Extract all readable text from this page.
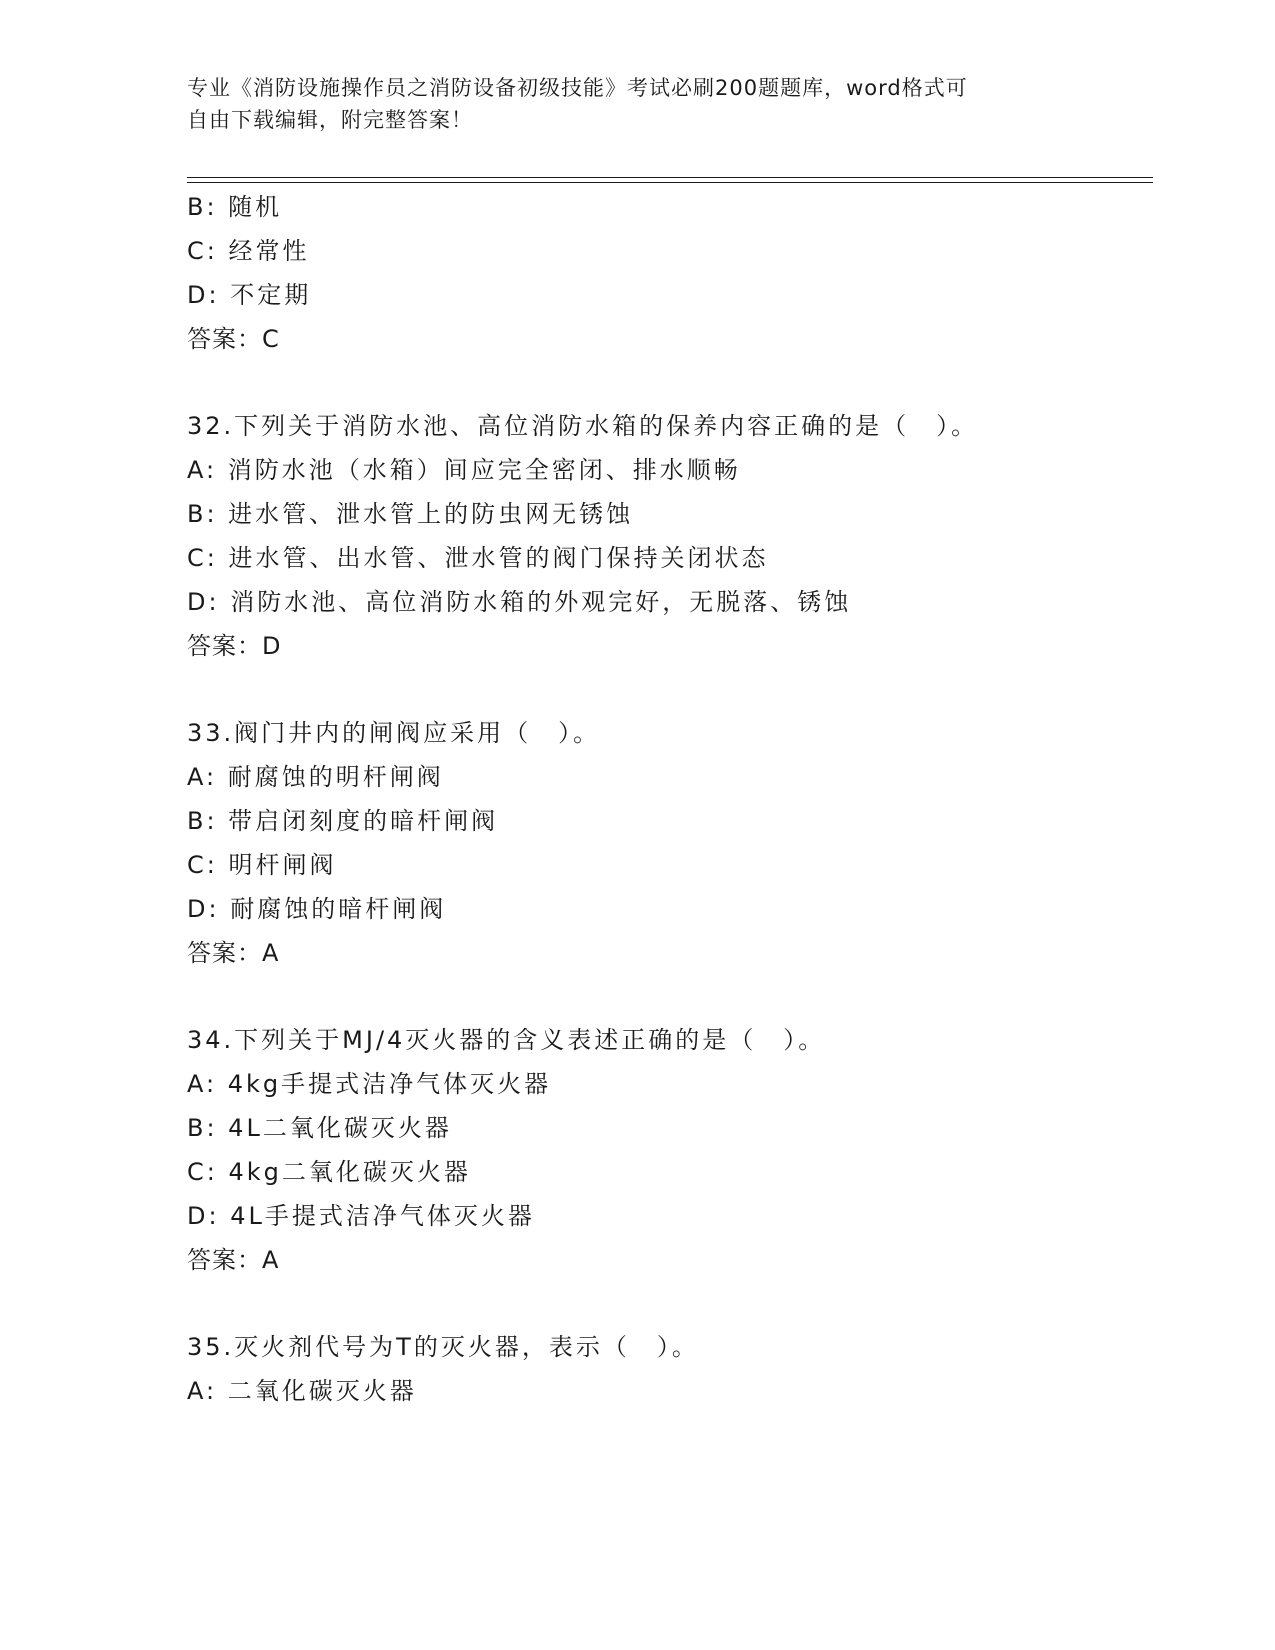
专业《消防设施操作员之消防设备初级技能》考试必刷200题题库，word格式可
自由下载编辑，附完整答案！
B: 随机
C: 经常性
D: 不定期
答案：C
32.下列关于消防水池、高位消防水箱的保养内容正确的是（　）。
A: 消防水池（水箱）间应完全密闭、排水顺畅
B: 进水管、泄水管上的防虫网无锈蚀
C: 进水管、出水管、泄水管的阀门保持关闭状态
D: 消防水池、高位消防水箱的外观完好，无脱落、锈蚀
答案：D
33.阀门井内的闸阀应采用（　）。
A: 耐腐蚀的明杆闸阀
B: 带启闭刻度的暗杆闸阀
C: 明杆闸阀
D: 耐腐蚀的暗杆闸阀
答案：A
34.下列关于MJ/4灭火器的含义表述正确的是（　）。
A: 4kg手提式洁净气体灭火器
B: 4L二氧化碳灭火器
C: 4kg二氧化碳灭火器
D: 4L手提式洁净气体灭火器
答案：A
35.灭火剂代号为T的灭火器，表示（　）。
A: 二氧化碳灭火器
